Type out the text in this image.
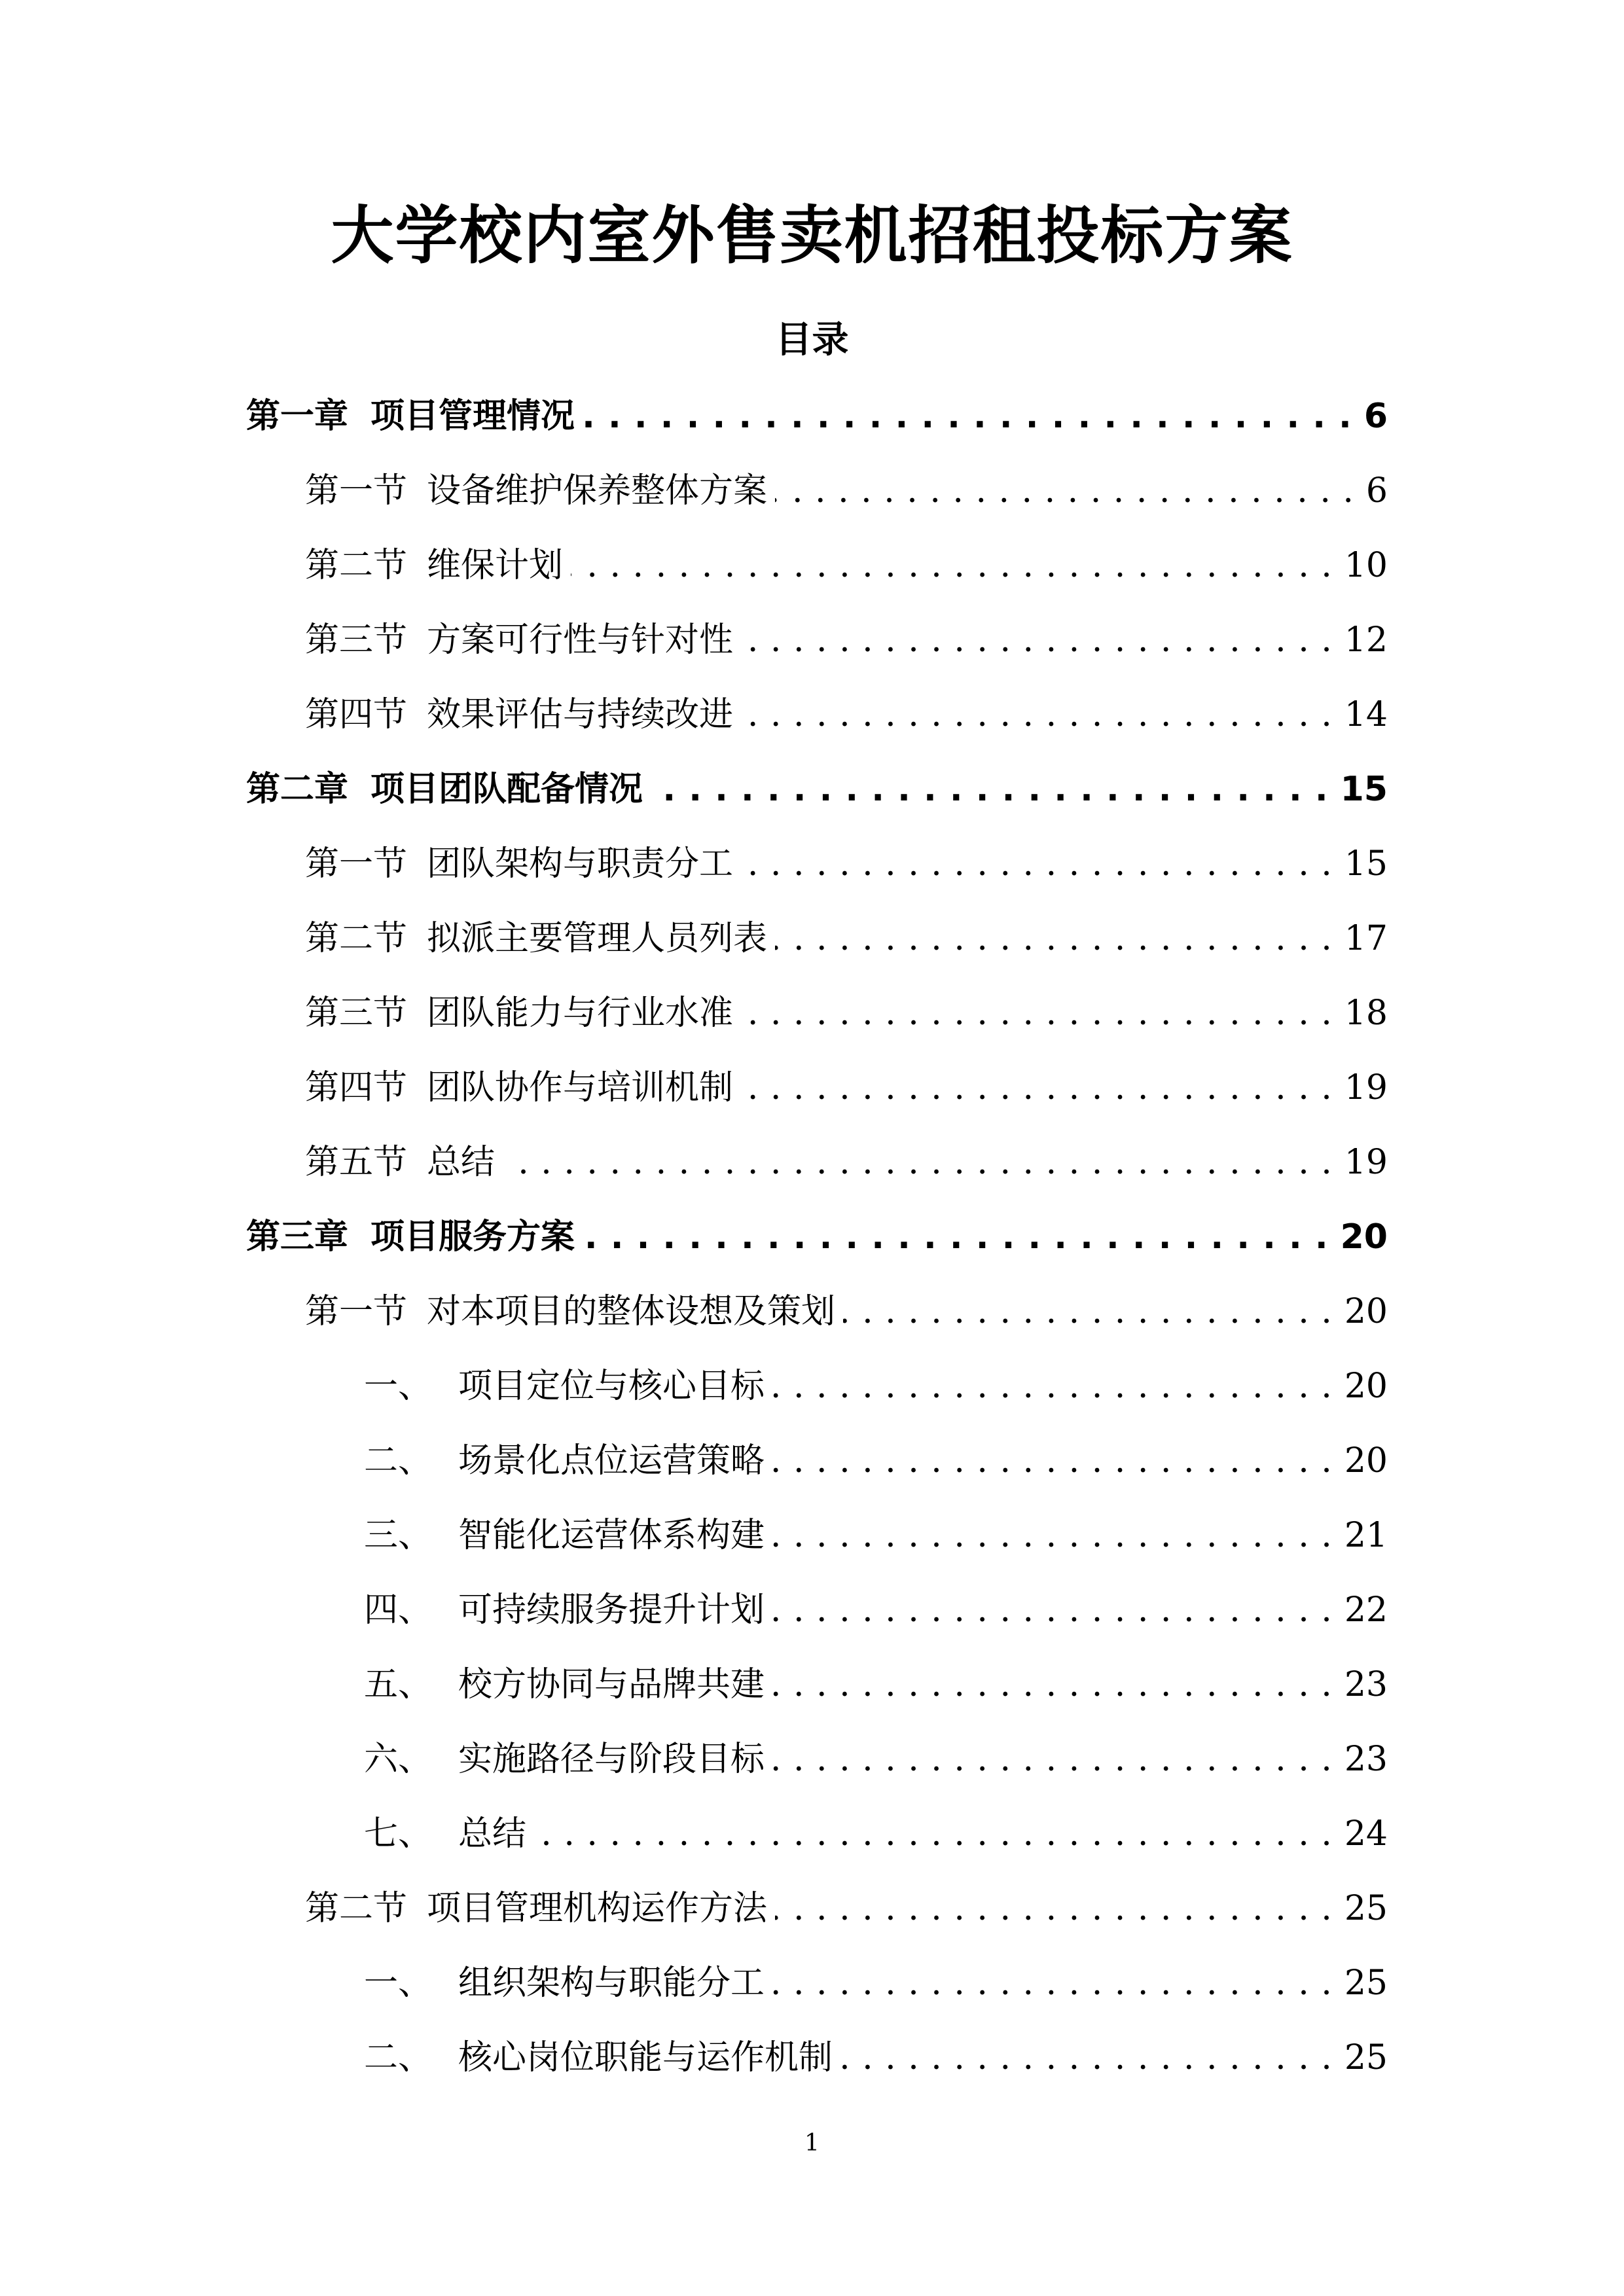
大学校内室外售卖机招租投标方案
目录
第一章 项目管理情况 . . .	6
第一节 设备维护保养整体方案 . . .	6
第二节 维保计划 . . .	10
第三节 方案可行性与针对性 . . .	12
第四节 效果评估与持续改进 . . .	14
第二章 项目团队配备情况 . . .	15
第一节 团队架构与职责分工 . . .	15
第二节 拟派主要管理人员列表 . . .	17
第三节 团队能力与行业水准 . . .	18
第四节 团队协作与培训机制 . . .	19
第五节 总结 . . .	19
第三章 项目服务方案 . . .	20
第一节 对本项目的整体设想及策划 . . .	20
一、 项目定位与核心目标 . . .	20
二、 场景化点位运营策略 . . .	20
三、 智能化运营体系构建 . . .	21
四、 可持续服务提升计划 . . .	22
五、 校方协同与品牌共建 . . .	23
六、 实施路径与阶段目标 . . .	23
七、 总结 . . .	24
第二节 项目管理机构运作方法 . . .	25
一、 组织架构与职能分工 . . .	25
二、 核心岗位职能与运作机制 . . .	25
1
